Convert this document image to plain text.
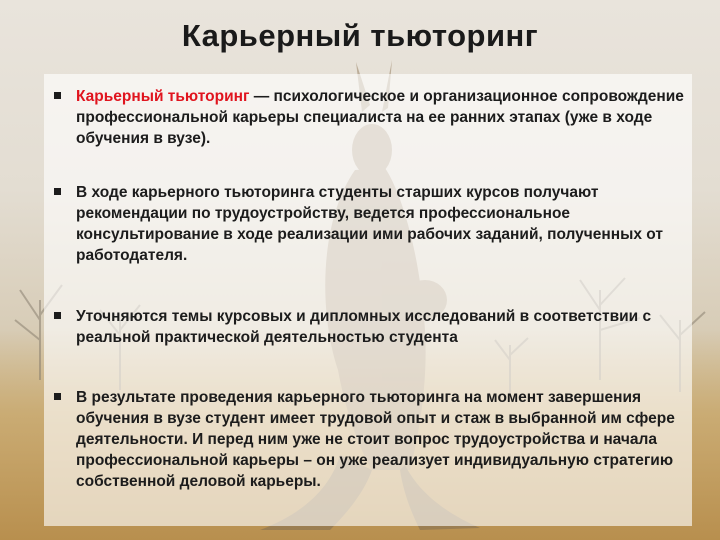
Карьерный тьюторинг

Карьерный тьюторинг — психологическое и организационное сопровождение профессиональной карьеры специалиста на ее ранних этапах (уже в ходе обучения в вузе).

В ходе карьерного тьюторинга студенты старших курсов получают рекомендации по трудоустройству, ведется профессиональное консультирование в ходе реализации ими рабочих заданий, полученных от работодателя.

Уточняются темы курсовых и дипломных исследований в соответствии с реальной практической деятельностью студента

В результате проведения карьерного тьюторинга на момент завершения обучения в вузе студент имеет трудовой опыт и стаж в выбранной им сфере деятельности. И перед ним уже не стоит вопрос трудоустройства и начала профессиональной карьеры – он уже реализует индивидуальную стратегию собственной деловой карьеры.
